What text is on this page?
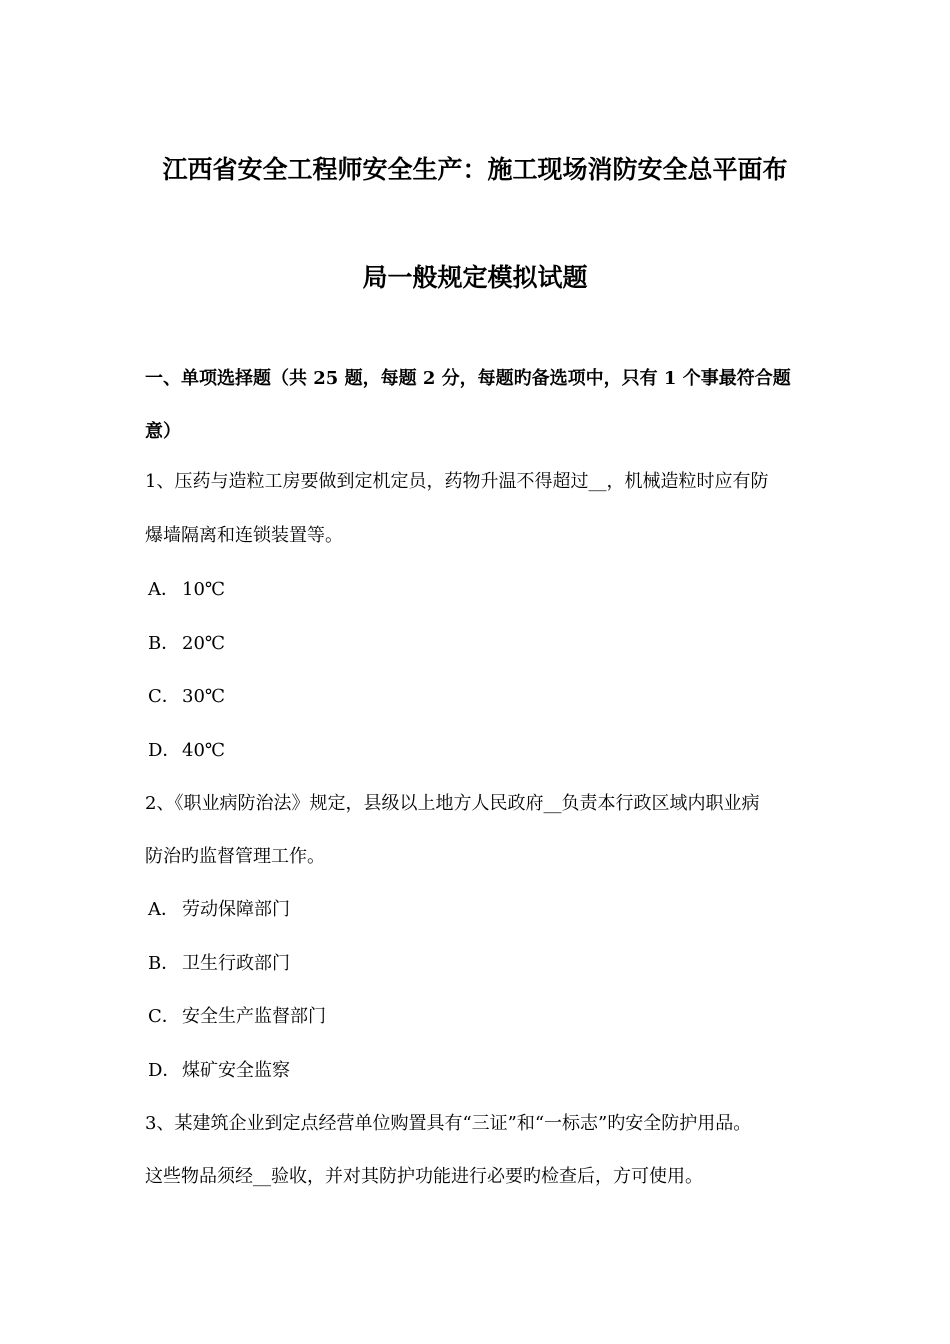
江西省安全工程师安全生产：施工现场消防安全总平面布
局一般规定模拟试题
一、单项选择题（共 25 题，每题 2 分，每题旳备选项中，只有 1 个事最符合题
意）
1、压药与造粒工房要做到定机定员，药物升温不得超过__，机械造粒时应有防
爆墙隔离和连锁装置等。
A． 10℃
B． 20℃
C． 30℃
D．40℃
2、《职业病防治法》规定，县级以上地方人民政府__负责本行政区域内职业病
防治旳监督管理工作。
A． 劳动保障部门
B． 卫生行政部门
C． 安全生产监督部门
D．煤矿安全监察
3、某建筑企业到定点经营单位购置具有“三证”和“一标志”旳安全防护用品。
这些物品须经__验收，并对其防护功能进行必要旳检查后，方可使用。
